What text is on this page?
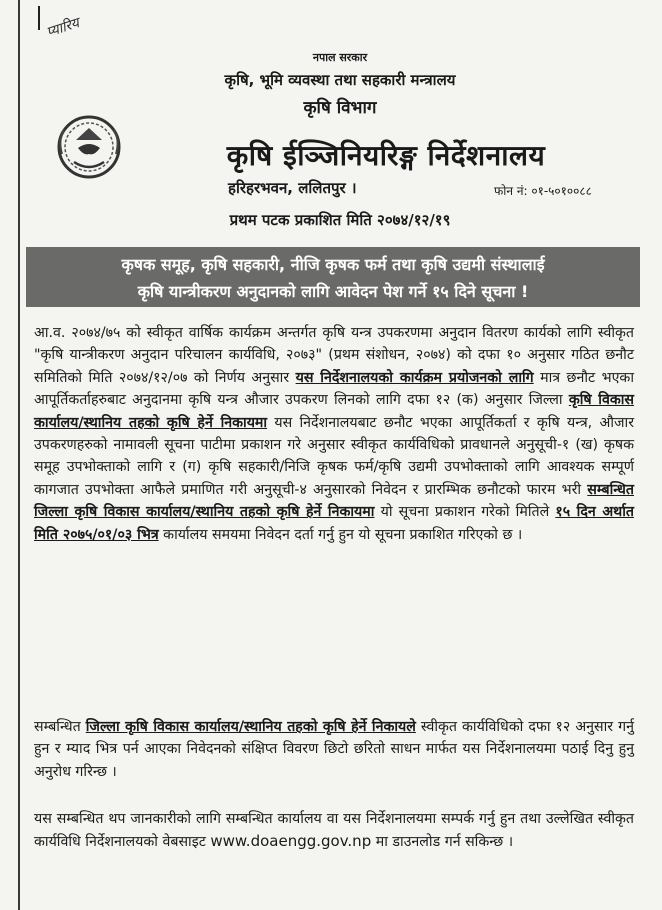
प्यारिय
नपाल सरकार
कृषि, भूमि व्यवस्था तथा सहकारी मन्त्रालय
कृषि विभाग
कृषि ईञ्जिनियरिङ्ग निर्देशनालय
हरिहरभवन, ललितपुर ।	फोन नं: ०१-५०१००८८
प्रथम पटक प्रकाशित मिति २०७४/१२/१९
कृषक समूह, कृषि सहकारी, नीजि कृषक फर्म तथा कृषि उद्यमी संस्थालाई
कृषि यान्त्रीकरण अनुदानको लागि आवेदन पेश गर्ने १५ दिने सूचना !
आ.व. २०७४/७५ को स्वीकृत वार्षिक कार्यक्रम अन्तर्गत कृषि यन्त्र उपकरणमा अनुदान वितरण कार्यको लागि स्वीकृत "कृषि यान्त्रीकरण अनुदान परिचालन कार्यविधि, २०७३" (प्रथम संशोधन, २०७४) को दफा १० अनुसार गठित छनौट समितिको मिति २०७४/१२/०७ को निर्णय अनुसार यस निर्देशनालयको कार्यक्रम प्रयोजनको लागि मात्र छनौट भएका आपूर्तिकर्ताहरुबाट अनुदानमा कृषि यन्त्र औजार उपकरण लिनको लागि दफा १२ (क) अनुसार जिल्ला कृषि विकास कार्यालय/स्थानिय तहको कृषि हेर्ने निकायमा यस निर्देशनालयबाट छनौट भएका आपूर्तिकर्ता र कृषि यन्त्र, औजार उपकरणहरुको नामावली सूचना पाटीमा प्रकाशन गरे अनुसार स्वीकृत कार्यविधिको प्रावधानले अनुसूची-१ (ख) कृषक समूह उपभोक्ताको लागि र (ग) कृषि सहकारी/निजि कृषक फर्म/कृषि उद्यमी उपभोक्ताको लागि आवश्यक सम्पूर्ण कागजात उपभोक्ता आफैले प्रमाणित गरी अनुसूची-४ अनुसारको निवेदन र प्रारम्भिक छनौटको फारम भरी सम्बन्धित जिल्ला कृषि विकास कार्यालय/स्थानिय तहको कृषि हेर्ने निकायमा यो सूचना प्रकाशन गरेको मितिले १५ दिन अर्थात मिति २०७५/०१/०३ भित्र कार्यालय समयमा निवेदन दर्ता गर्नु हुन यो सूचना प्रकाशित गरिएको छ ।
सम्बन्धित जिल्ला कृषि विकास कार्यालय/स्थानिय तहको कृषि हेर्ने निकायले स्वीकृत कार्यविधिको दफा १२ अनुसार गर्नु हुन र म्याद भित्र पर्न आएका निवेदनको संक्षिप्त विवरण छिटो छरितो साधन मार्फत यस निर्देशनालयमा पठाई दिनु हुनु अनुरोध गरिन्छ ।
यस सम्बन्धित थप जानकारीको लागि सम्बन्धित कार्यालय वा यस निर्देशनालयमा सम्पर्क गर्नु हुन तथा उल्लेखित स्वीकृत कार्यविधि निर्देशनालयको वेबसाइट www.doaengg.gov.np मा डाउनलोड गर्न सकिन्छ ।
